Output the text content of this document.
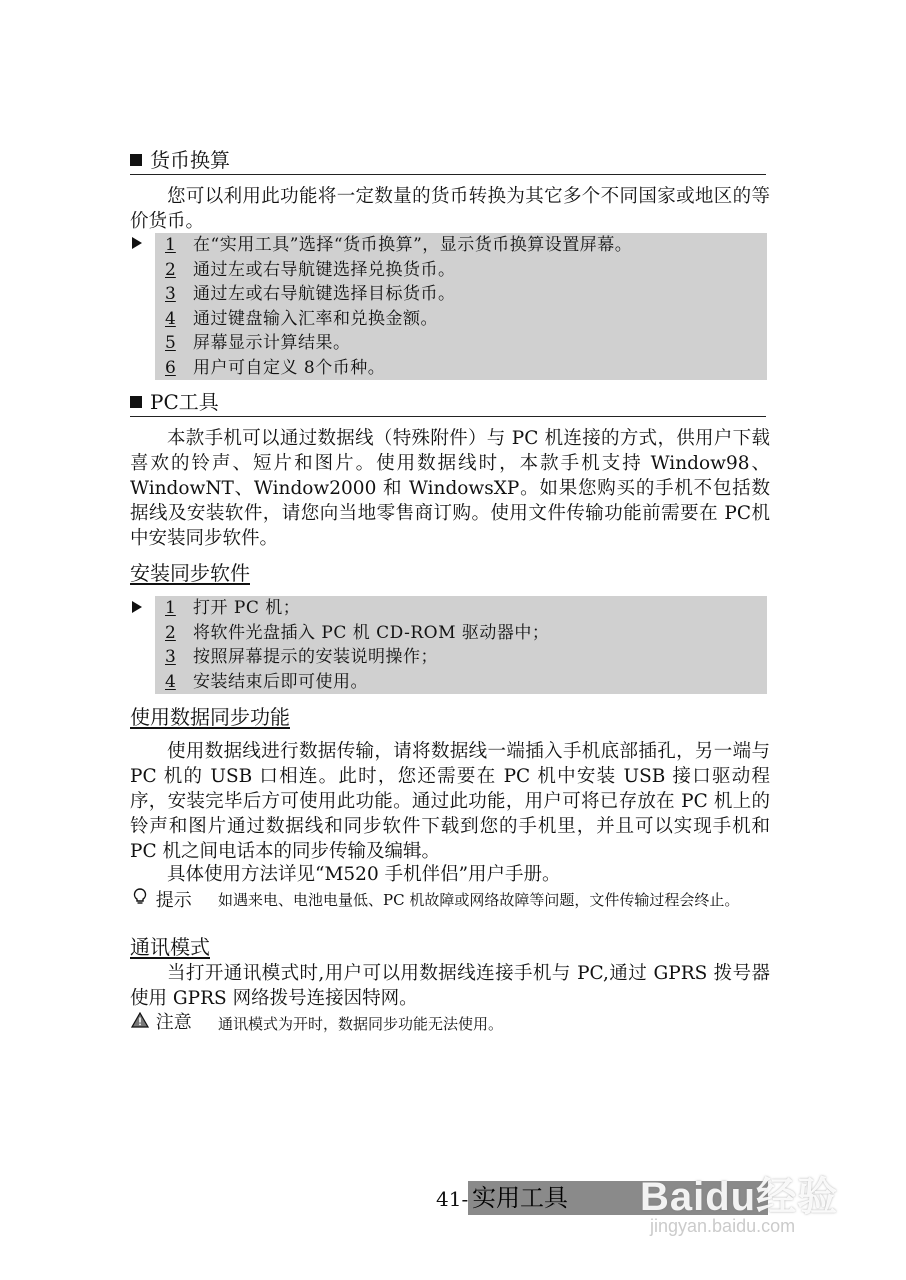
货币换算
您可以利用此功能将一定数量的货币转换为其它多个不同国家或地区的等价货币。
1 在“实用工具”选择“货币换算”，显示货币换算设置屏幕。
2 通过左或右导航键选择兑换货币。
3 通过左或右导航键选择目标货币。
4 通过键盘输入汇率和兑换金额。
5 屏幕显示计算结果。
6 用户可自定义 8个币种。
PC工具
本款手机可以通过数据线（特殊附件）与 PC 机连接的方式，供用户下载喜欢的铃声、短片和图片。使用数据线时，本款手机支持 Window98、WindowNT、Window2000 和 WindowsXP。如果您购买的手机不包括数据线及安装软件，请您向当地零售商订购。使用文件传输功能前需要在 PC机中安装同步软件。
安装同步软件
1 打开 PC 机；
2 将软件光盘插入 PC 机 CD-ROM 驱动器中；
3 按照屏幕提示的安装说明操作；
4 安装结束后即可使用。
使用数据同步功能
使用数据线进行数据传输，请将数据线一端插入手机底部插孔，另一端与 PC 机的 USB 口相连。此时，您还需要在 PC 机中安装 USB 接口驱动程序，安装完毕后方可使用此功能。通过此功能，用户可将已存放在 PC 机上的铃声和图片通过数据线和同步软件下载到您的手机里，并且可以实现手机和 PC 机之间电话本的同步传输及编辑。
具体使用方法详见“M520 手机伴侣”用户手册。
提示 如遇来电、电池电量低、PC 机故障或网络故障等问题，文件传输过程会终止。
通讯模式
当打开通讯模式时,用户可以用数据线连接手机与 PC,通过 GPRS 拨号器使用 GPRS 网络拨号连接因特网。
注意 通讯模式为开时，数据同步功能无法使用。
41- 实用工具	Baidu经验
jingyan.baidu.com
